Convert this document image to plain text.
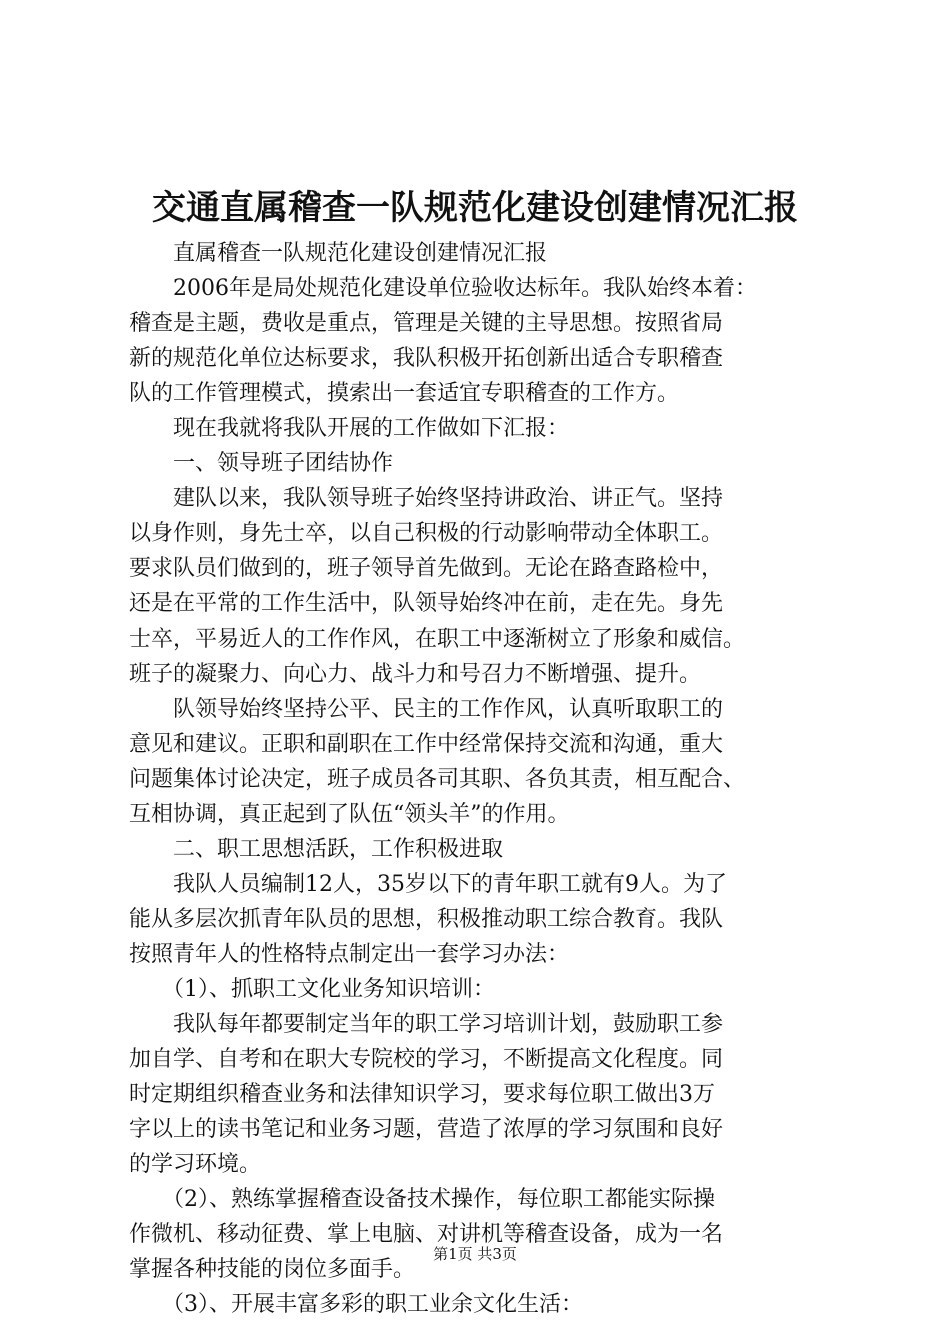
交通直属稽查一队规范化建设创建情况汇报
　　直属稽查一队规范化建设创建情况汇报
　　2006年是局处规范化建设单位验收达标年。我队始终本着：
稽查是主题，费收是重点，管理是关键的主导思想。按照省局
新的规范化单位达标要求，我队积极开拓创新出适合专职稽查
队的工作管理模式，摸索出一套适宜专职稽查的工作方。
　　现在我就将我队开展的工作做如下汇报：
　　一、领导班子团结协作
　　建队以来，我队领导班子始终坚持讲政治、讲正气。坚持
以身作则，身先士卒，以自己积极的行动影响带动全体职工。
要求队员们做到的，班子领导首先做到。无论在路查路检中，
还是在平常的工作生活中，队领导始终冲在前，走在先。身先
士卒，平易近人的工作作风，在职工中逐渐树立了形象和威信。
班子的凝聚力、向心力、战斗力和号召力不断增强、提升。
　　队领导始终坚持公平、民主的工作作风，认真听取职工的
意见和建议。正职和副职在工作中经常保持交流和沟通，重大
问题集体讨论决定，班子成员各司其职、各负其责，相互配合、
互相协调，真正起到了队伍“领头羊”的作用。
　　二、职工思想活跃，工作积极进取
　　我队人员编制12人，35岁以下的青年职工就有9人。为了
能从多层次抓青年队员的思想，积极推动职工综合教育。我队
按照青年人的性格特点制定出一套学习办法：
　　（1）、抓职工文化业务知识培训：
　　我队每年都要制定当年的职工学习培训计划，鼓励职工参
加自学、自考和在职大专院校的学习，不断提高文化程度。同
时定期组织稽查业务和法律知识学习，要求每位职工做出3万
字以上的读书笔记和业务习题，营造了浓厚的学习氛围和良好
的学习环境。
　　（2）、熟练掌握稽查设备技术操作，每位职工都能实际操
作微机、移动征费、掌上电脑、对讲机等稽查设备，成为一名
掌握各种技能的岗位多面手。
　　（3）、开展丰富多彩的职工业余文化生活：
第1页 共3页
